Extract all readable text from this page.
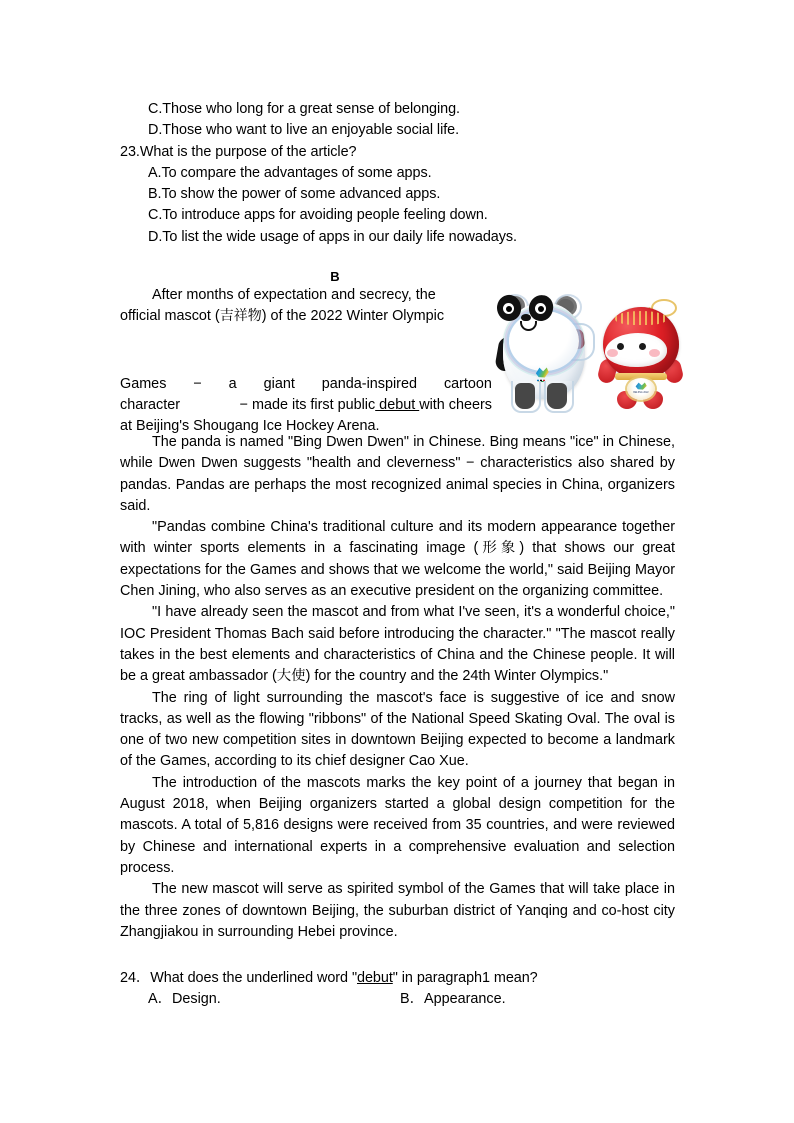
C.Those who long for a great sense of belonging.
D.Those who want to live an enjoyable social life.
23.What is the purpose of the article?
A.To compare the advantages of some apps.
B.To show the power of some advanced apps.
C.To introduce apps for avoiding people feeling down.
D.To list the wide usage of apps in our daily life nowadays.
B
BEIJING 2022
After months of expectation and secrecy, the
official mascot (吉祥物) of the 2022 Winter Olympic
Games − a giant panda-inspired cartoon
character	− made its first public debut with cheers
at Beijing's Shougang Ice Hockey Arena.

The panda is named "Bing Dwen Dwen" in Chinese. Bing means "ice" in Chinese, while Dwen Dwen suggests "health and cleverness" − characteristics also shared by pandas. Pandas are perhaps the most recognized animal species in China, organizers said.

"Pandas combine China's traditional culture and its modern appearance together with winter sports elements in a fascinating image (形象) that shows our great expectations for the Games and shows that we welcome the world," said Beijing Mayor Chen Jining, who also serves as an executive president on the organizing committee.

"I have already seen the mascot and from what I've seen, it's a wonderful choice," IOC President Thomas Bach said before introducing the character." "The mascot really takes in the best elements and characteristics of China and the Chinese people. It will be a great ambassador (大使) for the country and the 24th Winter Olympics."

The ring of light surrounding the mascot's face is suggestive of ice and snow tracks, as well as the flowing "ribbons" of the National Speed Skating Oval. The oval is one of two new competition sites in downtown Beijing expected to become a landmark of the Games, according to its chief designer Cao Xue.

The introduction of the mascots marks the key point of a journey that began in August 2018, when Beijing organizers started a global design competition for the mascots. A total of 5,816 designs were received from 35 countries, and were reviewed by Chinese and international experts in a comprehensive evaluation and selection process.

The new mascot will serve as spirited symbol of the Games that will take place in the three zones of downtown Beijing, the suburban district of Yanqing and co-host city Zhangjiakou in surrounding Hebei province.

24．What does the underlined word "debut" in paragraph1 mean?
A．Design.	B．Appearance.
